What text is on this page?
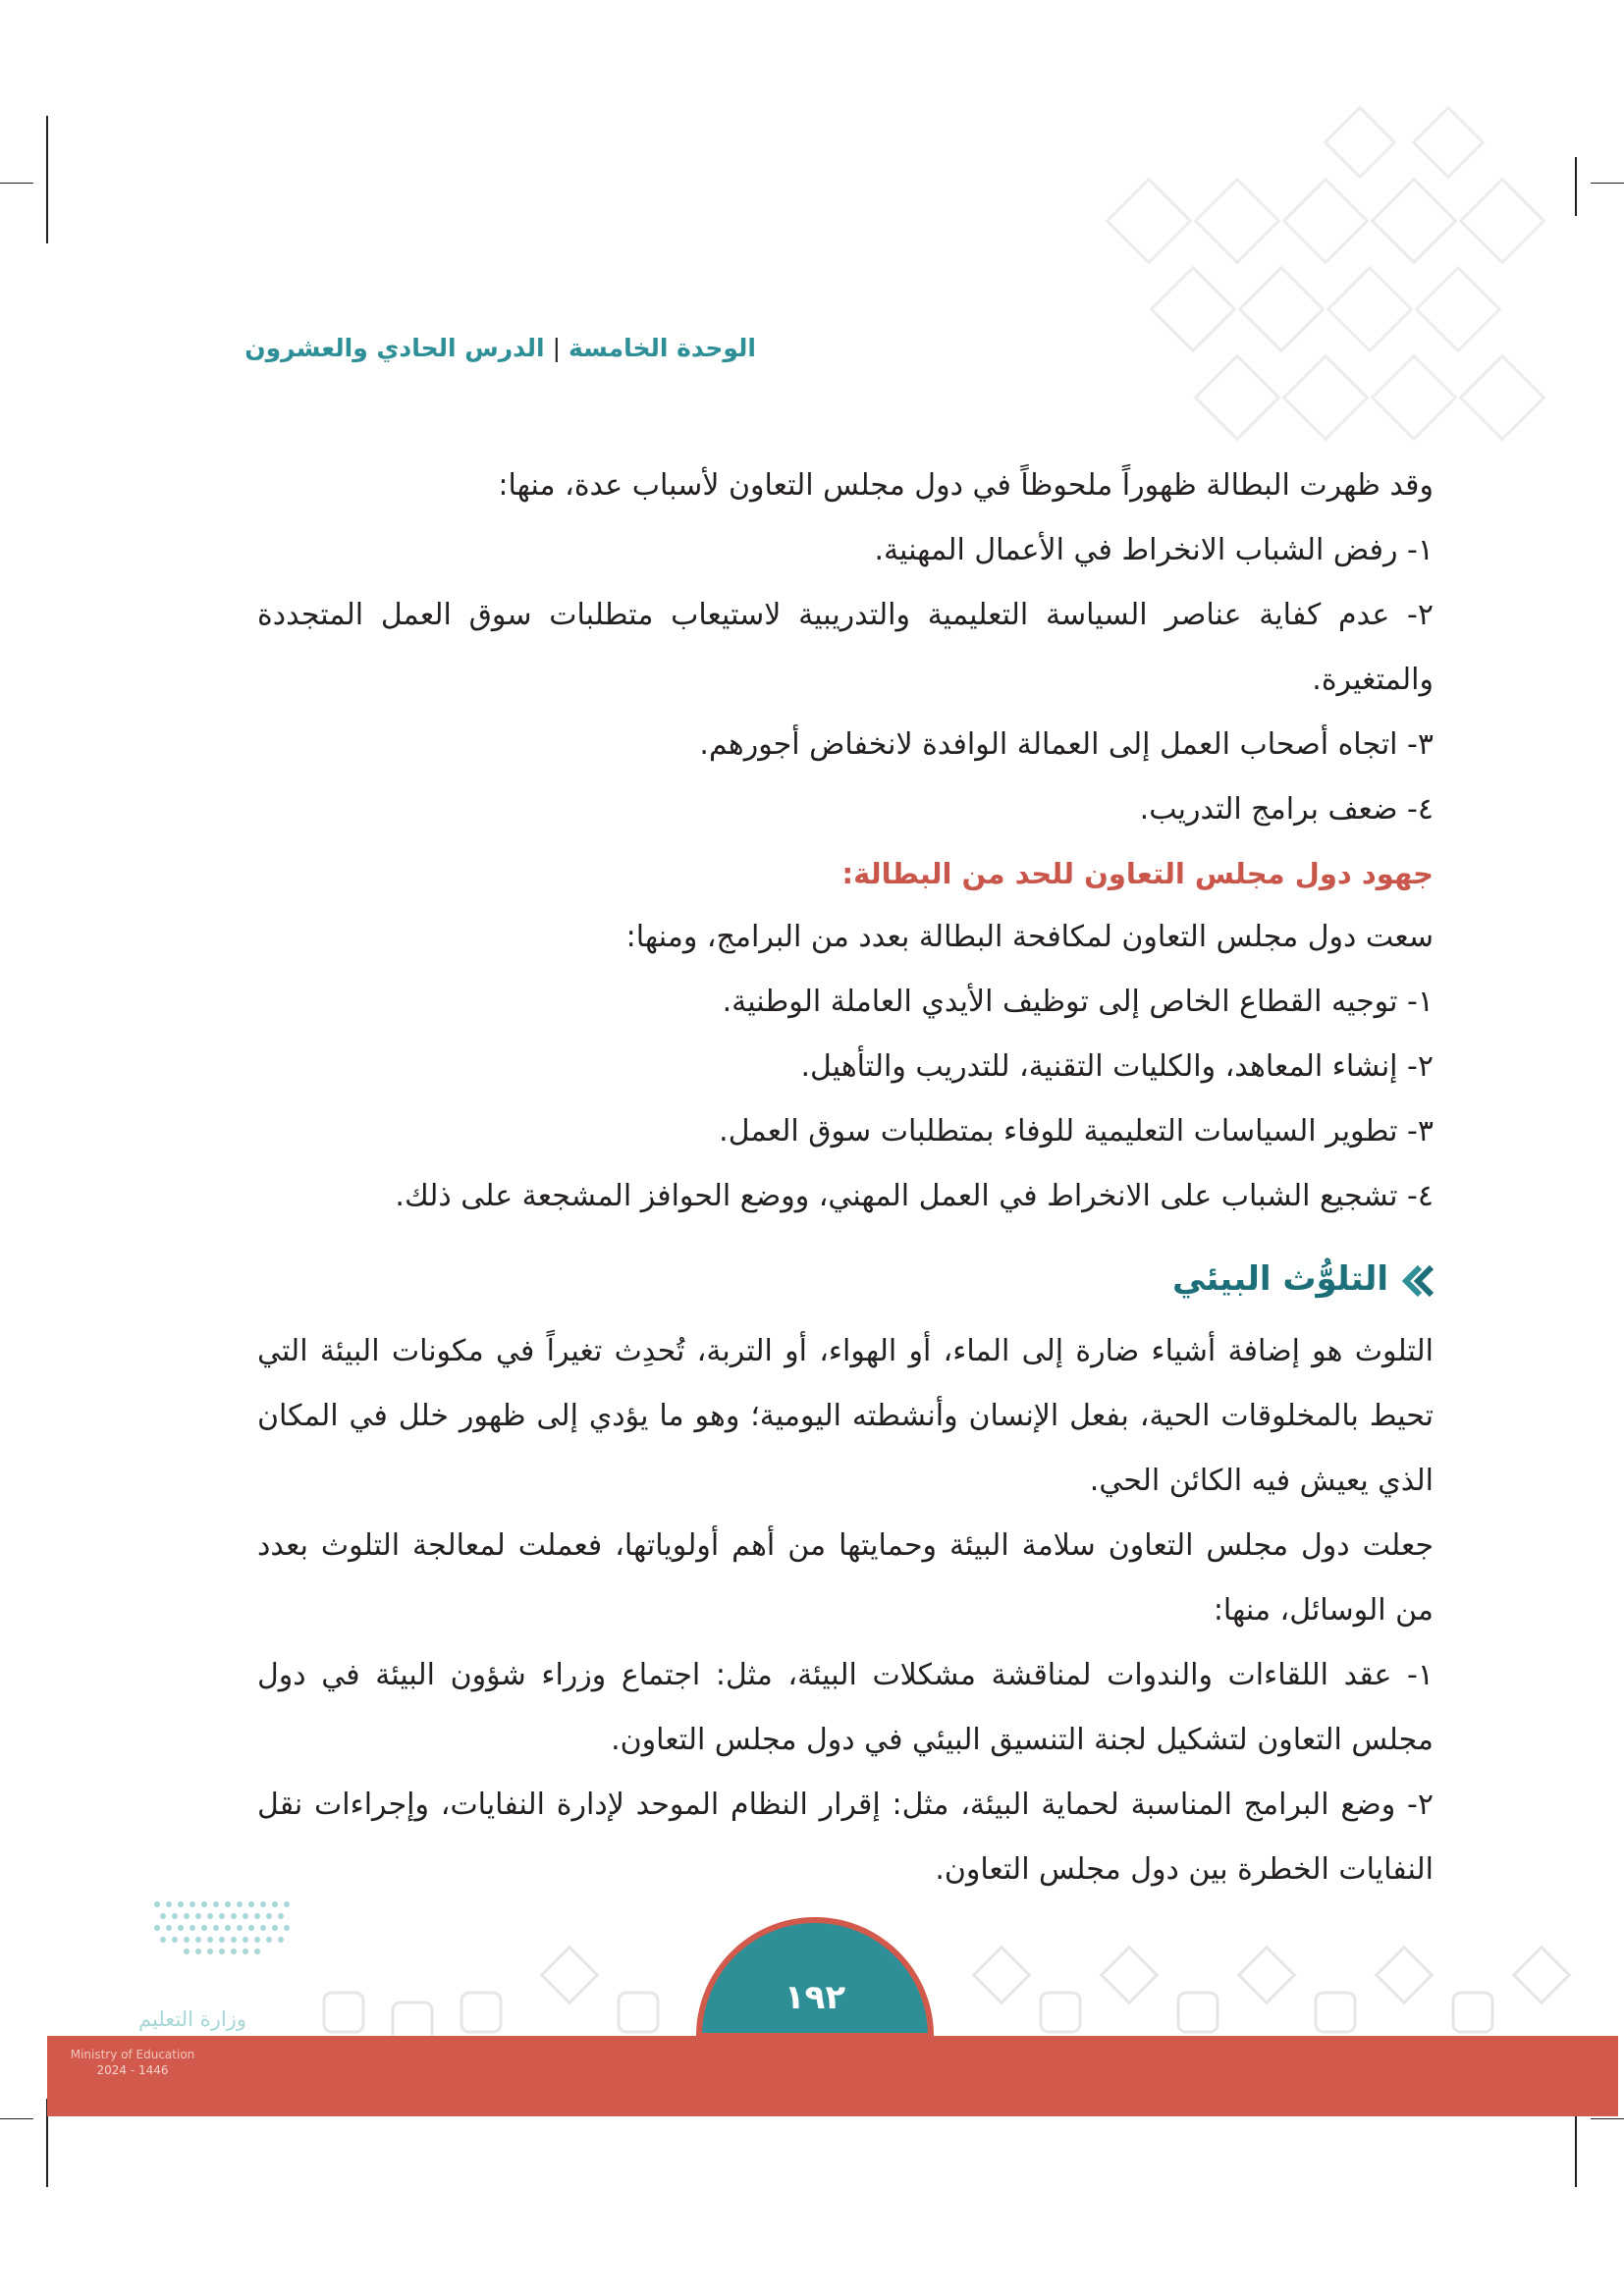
الوحدة الخامسة|الدرس الحادي والعشرون
وقد ظهرت البطالة ظهوراً ملحوظاً في دول مجلس التعاون لأسباب عدة، منها:
١- رفض الشباب الانخراط في الأعمال المهنية.
٢- عدم كفاية عناصر السياسة التعليمية والتدريبية لاستيعاب متطلبات سوق العمل المتجددة والمتغيرة.
٣- اتجاه أصحاب العمل إلى العمالة الوافدة لانخفاض أجورهم.
٤- ضعف برامج التدريب.
جهود دول مجلس التعاون للحد من البطالة:
سعت دول مجلس التعاون لمكافحة البطالة بعدد من البرامج، ومنها:
١- توجيه القطاع الخاص إلى توظيف الأيدي العاملة الوطنية.
٢- إنشاء المعاهد، والكليات التقنية، للتدريب والتأهيل.
٣- تطوير السياسات التعليمية للوفاء بمتطلبات سوق العمل.
٤- تشجيع الشباب على الانخراط في العمل المهني، ووضع الحوافز المشجعة على ذلك.
التلوُّث البيئي
التلوث هو إضافة أشياء ضارة إلى الماء، أو الهواء، أو التربة، تُحدِث تغيراً في مكونات البيئة التي تحيط بالمخلوقات الحية، بفعل الإنسان وأنشطته اليومية؛ وهو ما يؤدي إلى ظهور خلل في المكان الذي يعيش فيه الكائن الحي.
جعلت دول مجلس التعاون سلامة البيئة وحمايتها من أهم أولوياتها، فعملت لمعالجة التلوث بعدد من الوسائل، منها:
١- عقد اللقاءات والندوات لمناقشة مشكلات البيئة، مثل: اجتماع وزراء شؤون البيئة في دول مجلس التعاون لتشكيل لجنة التنسيق البيئي في دول مجلس التعاون.
٢- وضع البرامج المناسبة لحماية البيئة، مثل: إقرار النظام الموحد لإدارة النفايات، وإجراءات نقل النفايات الخطرة بين دول مجلس التعاون.
١٩٢
وزارة التعليم
Ministry of Education
2024 - 1446
